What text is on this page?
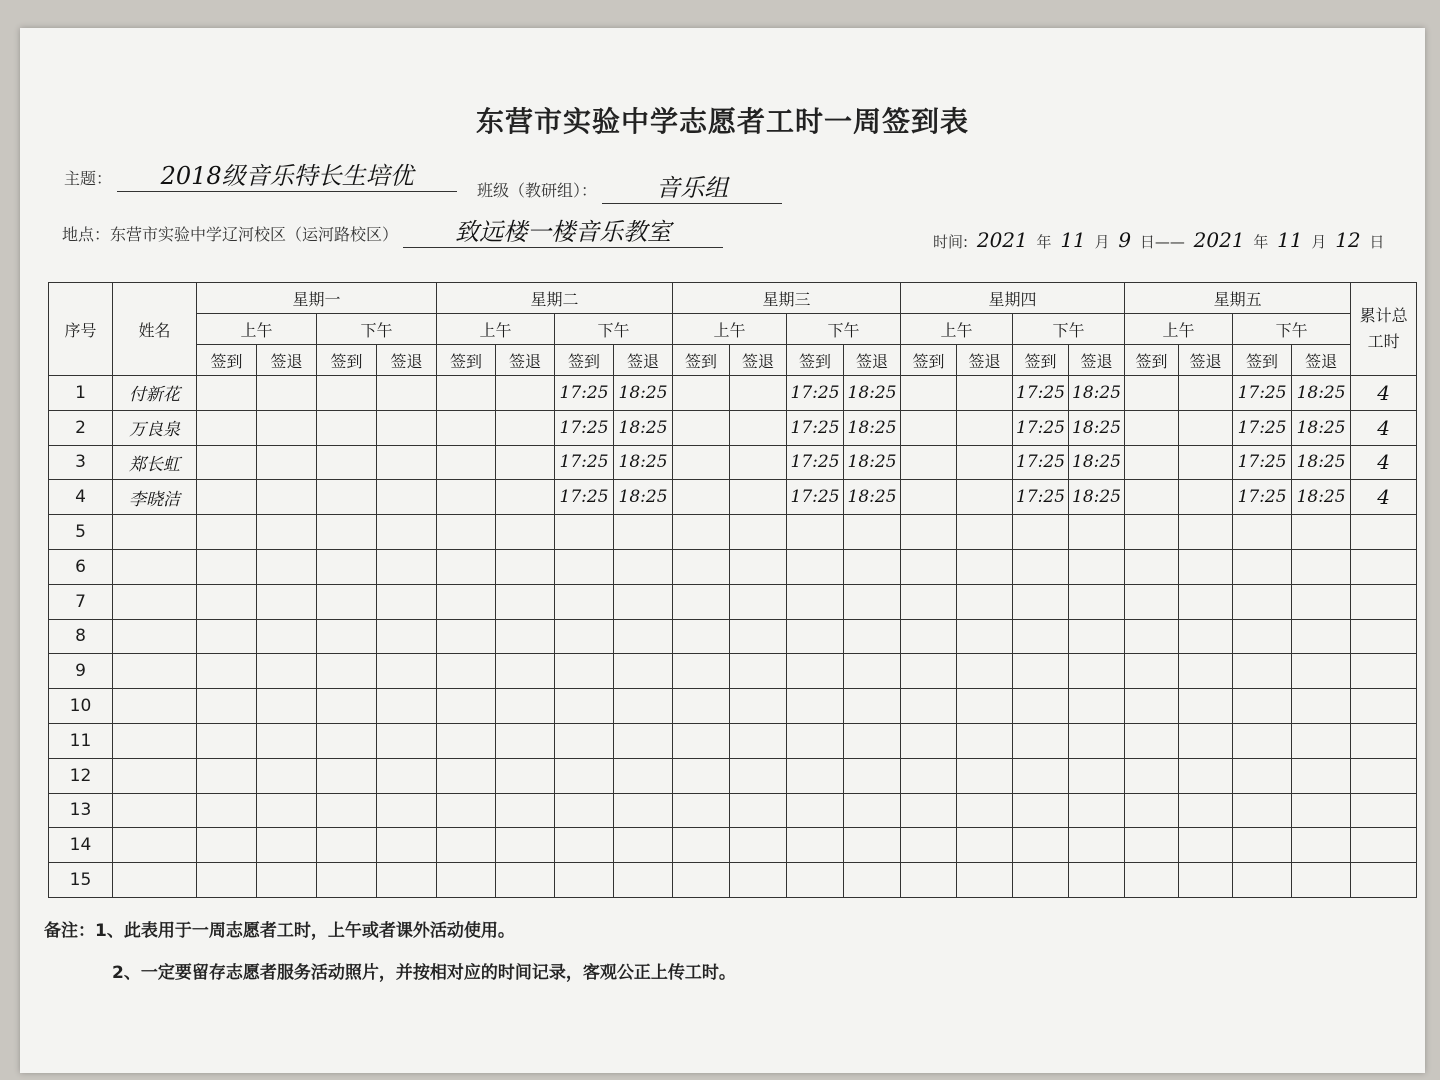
东营市实验中学志愿者工时一周签到表
主题： 2018级音乐特长生培优
班级（教研组）： 音乐组
地点：东营市实验中学辽河校区（运河路校区） 致远楼一楼音乐教室	时间: 2021 年 11 月 9 日—— 2021 年 11 月 12 日
序号	姓名	星期一				星期二				星期三				星期四				星期五				累计总工时
		上午		下午		上午		下午		上午		下午		上午		下午		上午		下午		
		签到	签退	签到	签退	签到	签退	签到	签退	签到	签退	签到	签退	签到	签退	签到	签退	签到	签退	签到	签退	
1	付新花							17:25	18:25			17:25	18:25			17:25	18:25			17:25	18:25	4
2	万良泉							17:25	18:25			17:25	18:25			17:25	18:25			17:25	18:25	4
3	郑长虹							17:25	18:25			17:25	18:25			17:25	18:25			17:25	18:25	4
4	李晓洁							17:25	18:25			17:25	18:25			17:25	18:25			17:25	18:25	4
5																						
6																						
7																						
8																						
9																						
10																						
11																						
12																						
13																						
14																						
15																						
备注：1、此表用于一周志愿者工时，上午或者课外活动使用。
2、一定要留存志愿者服务活动照片，并按相对应的时间记录，客观公正上传工时。
